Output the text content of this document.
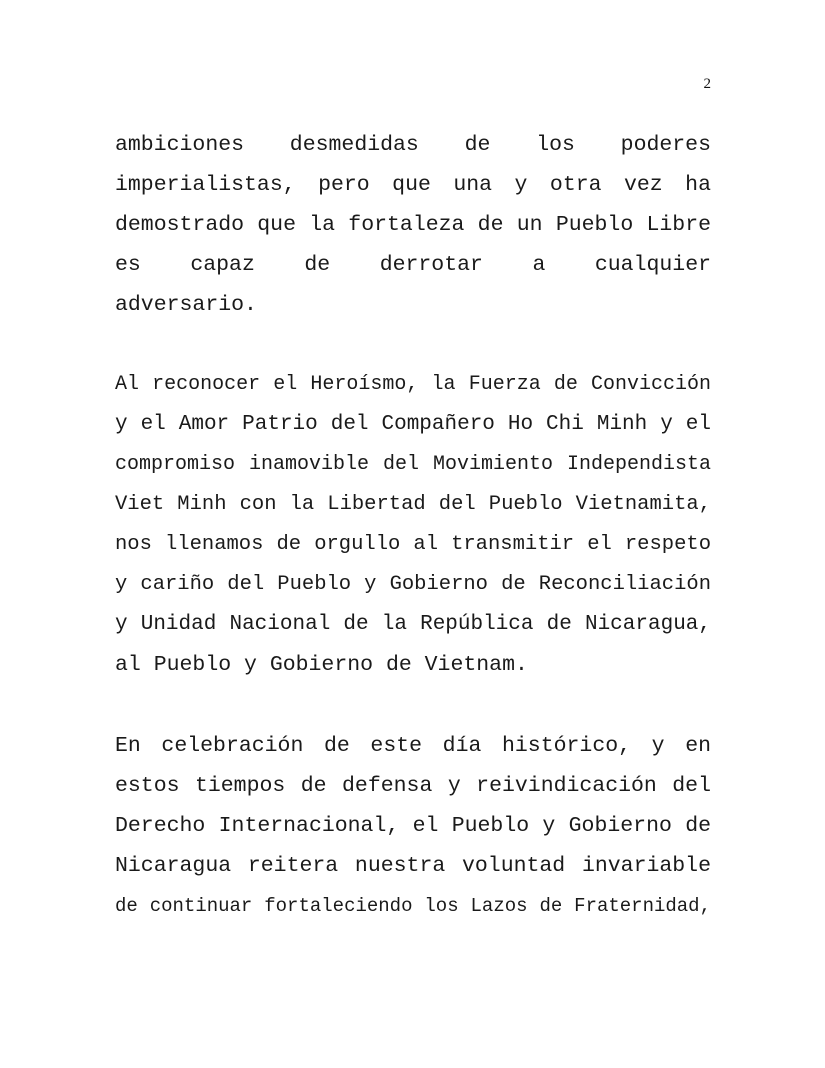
2
ambiciones desmedidas de los poderes
imperialistas, pero que una y otra vez ha
demostrado que la fortaleza de un Pueblo Libre
es capaz de derrotar a cualquier
adversario.
Al reconocer el Heroísmo, la Fuerza de Convicción
y el Amor Patrio del Compañero Ho Chi Minh y el
compromiso inamovible del Movimiento Independista
Viet Minh con la Libertad del Pueblo Vietnamita,
nos llenamos de orgullo al transmitir el respeto
y cariño del Pueblo y Gobierno de Reconciliación
y Unidad Nacional de la República de Nicaragua,
al Pueblo y Gobierno de Vietnam.
En celebración de este día histórico, y en
estos tiempos de defensa y reivindicación del
Derecho Internacional, el Pueblo y Gobierno de
Nicaragua reitera nuestra voluntad invariable
de continuar fortaleciendo los Lazos de Fraternidad,
